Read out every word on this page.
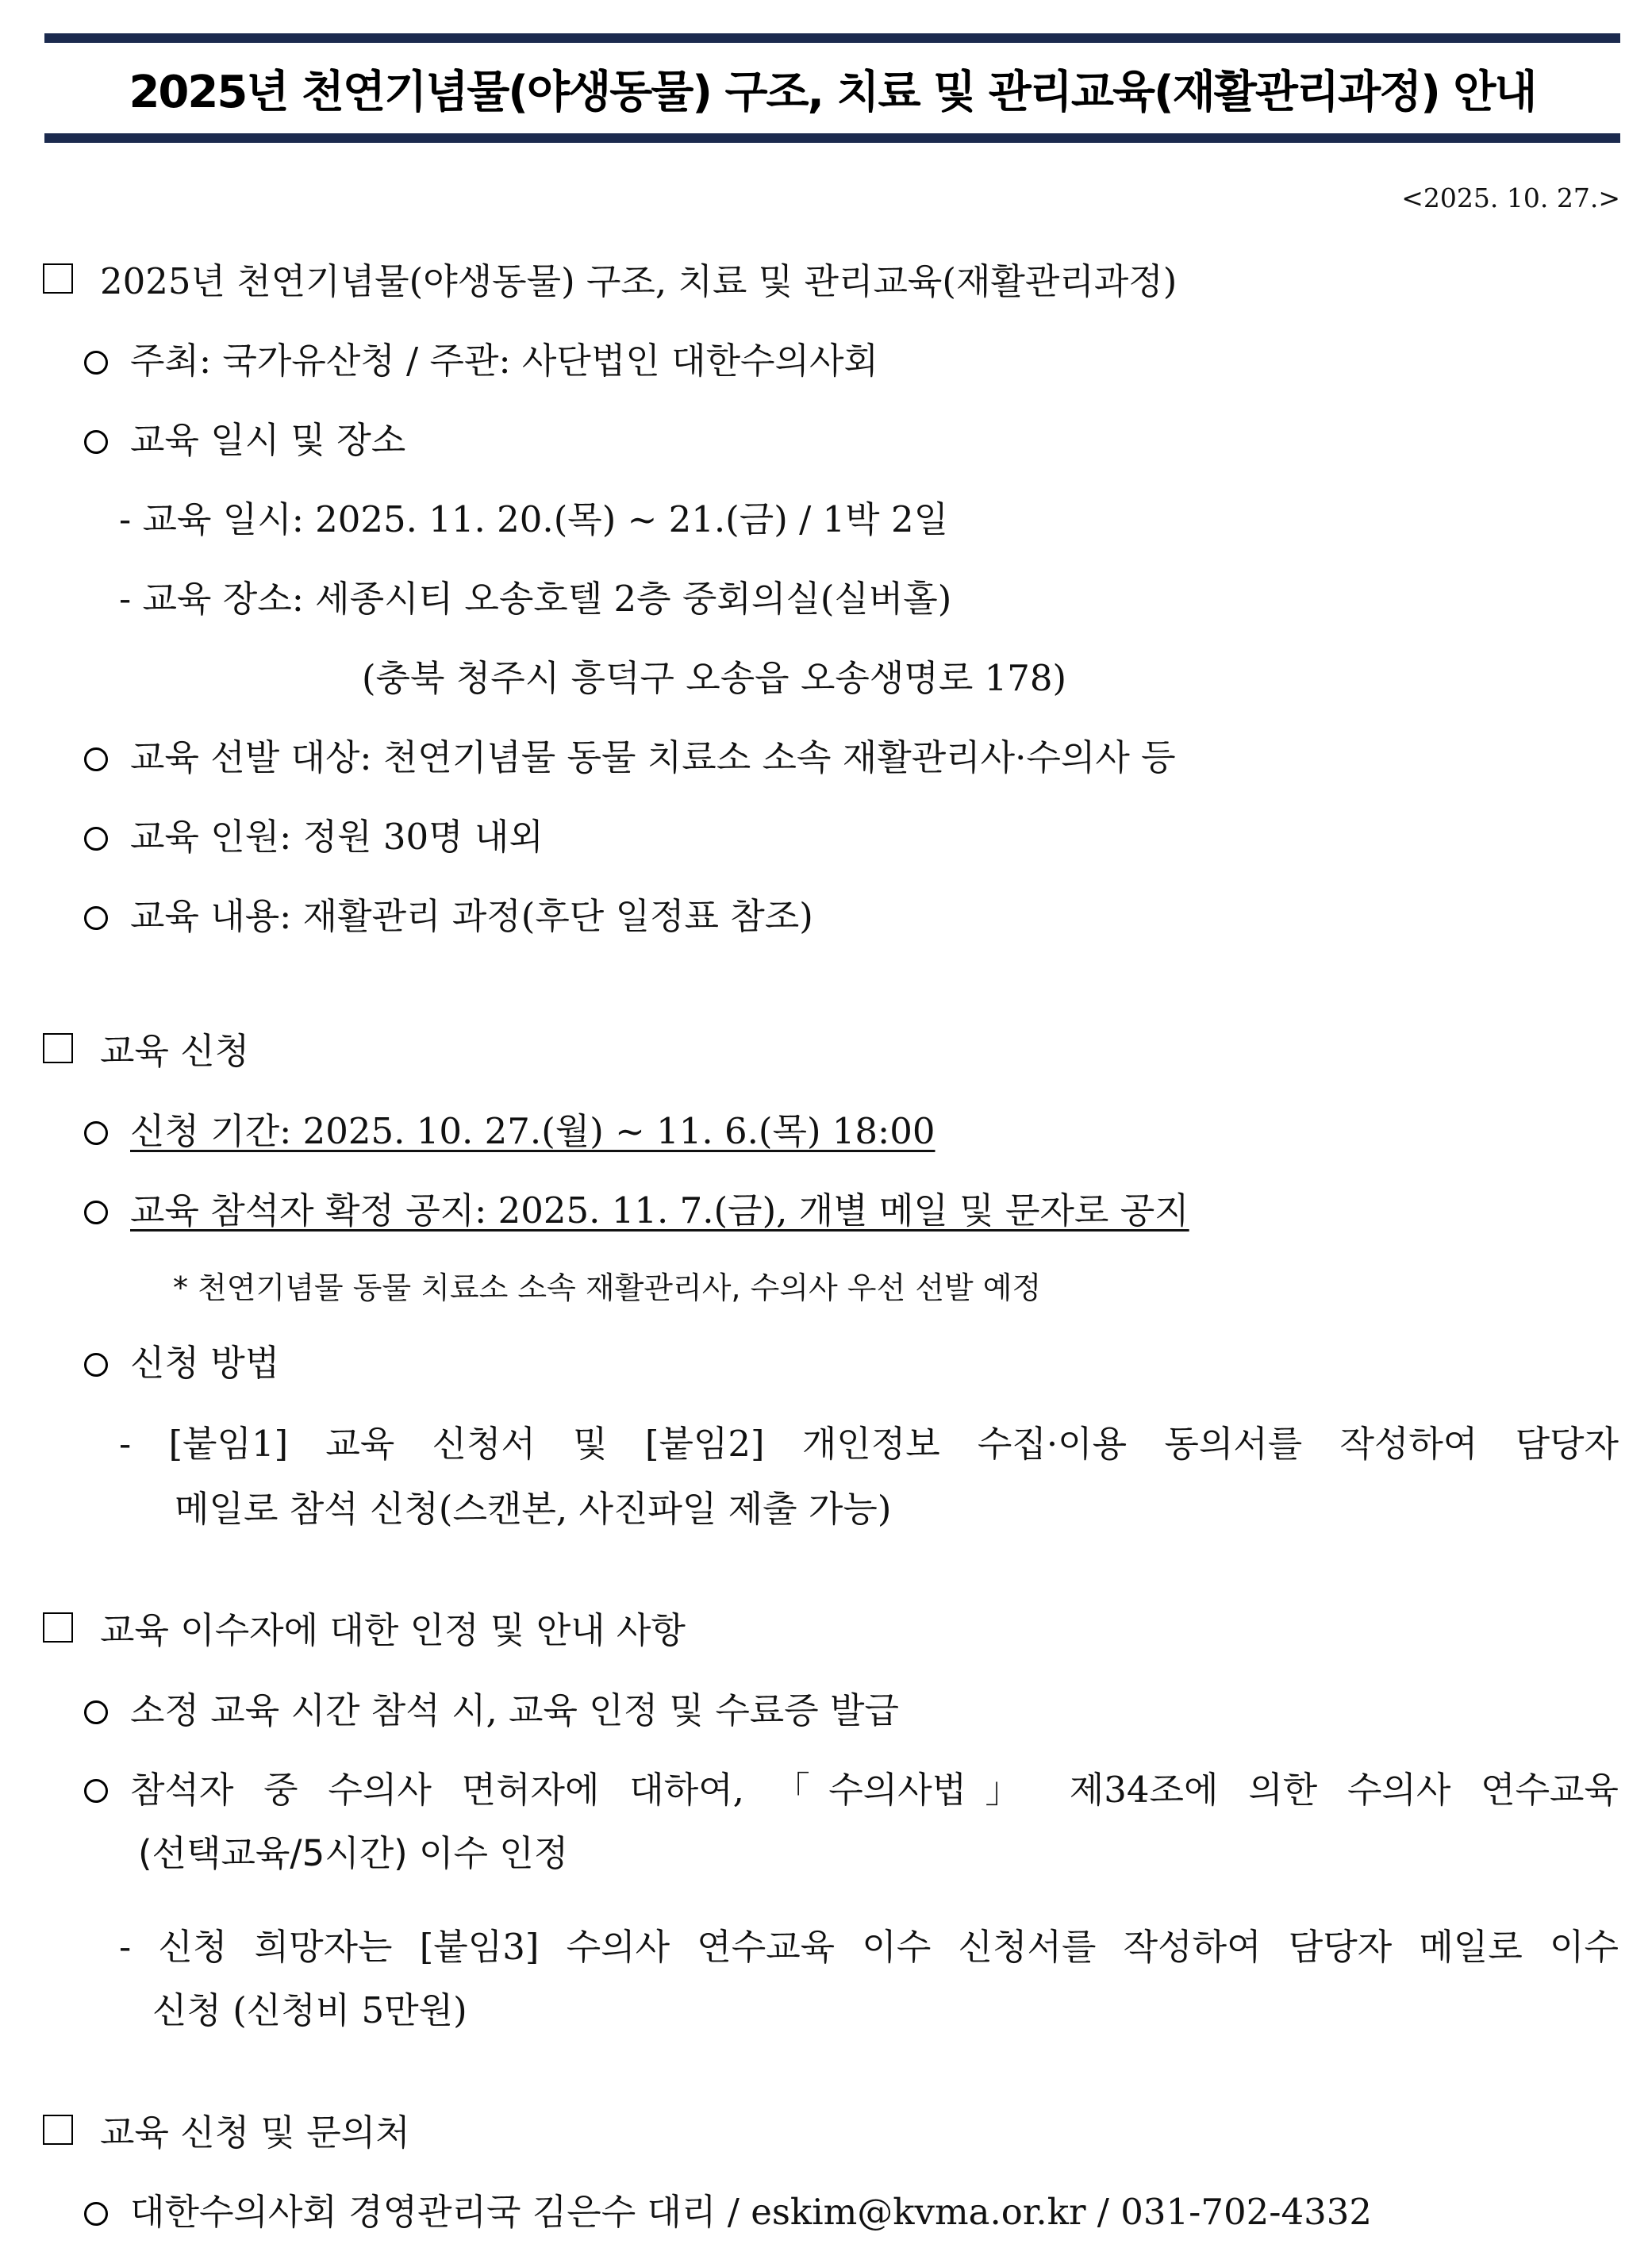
2025년 천연기념물(야생동물) 구조, 치료 및 관리교육(재활관리과정) 안내
<2025. 10. 27.>
2025년 천연기념물(야생동물) 구조, 치료 및 관리교육(재활관리과정)
주최: 국가유산청 / 주관: 사단법인 대한수의사회
교육 일시 및 장소
- 교육 일시: 2025. 11. 20.(목) ~ 21.(금) / 1박 2일
- 교육 장소: 세종시티 오송호텔 2층 중회의실(실버홀)
(충북 청주시 흥덕구 오송읍 오송생명로 178)
교육 선발 대상: 천연기념물 동물 치료소 소속 재활관리사·수의사 등
교육 인원: 정원 30명 내외
교육 내용: 재활관리 과정(후단 일정표 참조)
교육 신청
신청 기간: 2025. 10. 27.(월) ~ 11. 6.(목) 18:00
교육 참석자 확정 공지: 2025. 11. 7.(금), 개별 메일 및 문자로 공지
* 천연기념물 동물 치료소 소속 재활관리사, 수의사 우선 선발 예정
신청 방법
- [붙임1] 교육 신청서 및 [붙임2] 개인정보 수집·이용 동의서를 작성하여 담당자
메일로 참석 신청(스캔본, 사진파일 제출 가능)
교육 이수자에 대한 인정 및 안내 사항
소정 교육 시간 참석 시, 교육 인정 및 수료증 발급
참석자 중 수의사 면허자에 대하여, 「수의사법」 제34조에 의한 수의사 연수교육
(선택교육/5시간) 이수 인정
- 신청 희망자는 [붙임3] 수의사 연수교육 이수 신청서를 작성하여 담당자 메일로 이수
신청 (신청비 5만원)
교육 신청 및 문의처
대한수의사회 경영관리국 김은수 대리 / eskim@kvma.or.kr / 031-702-4332
